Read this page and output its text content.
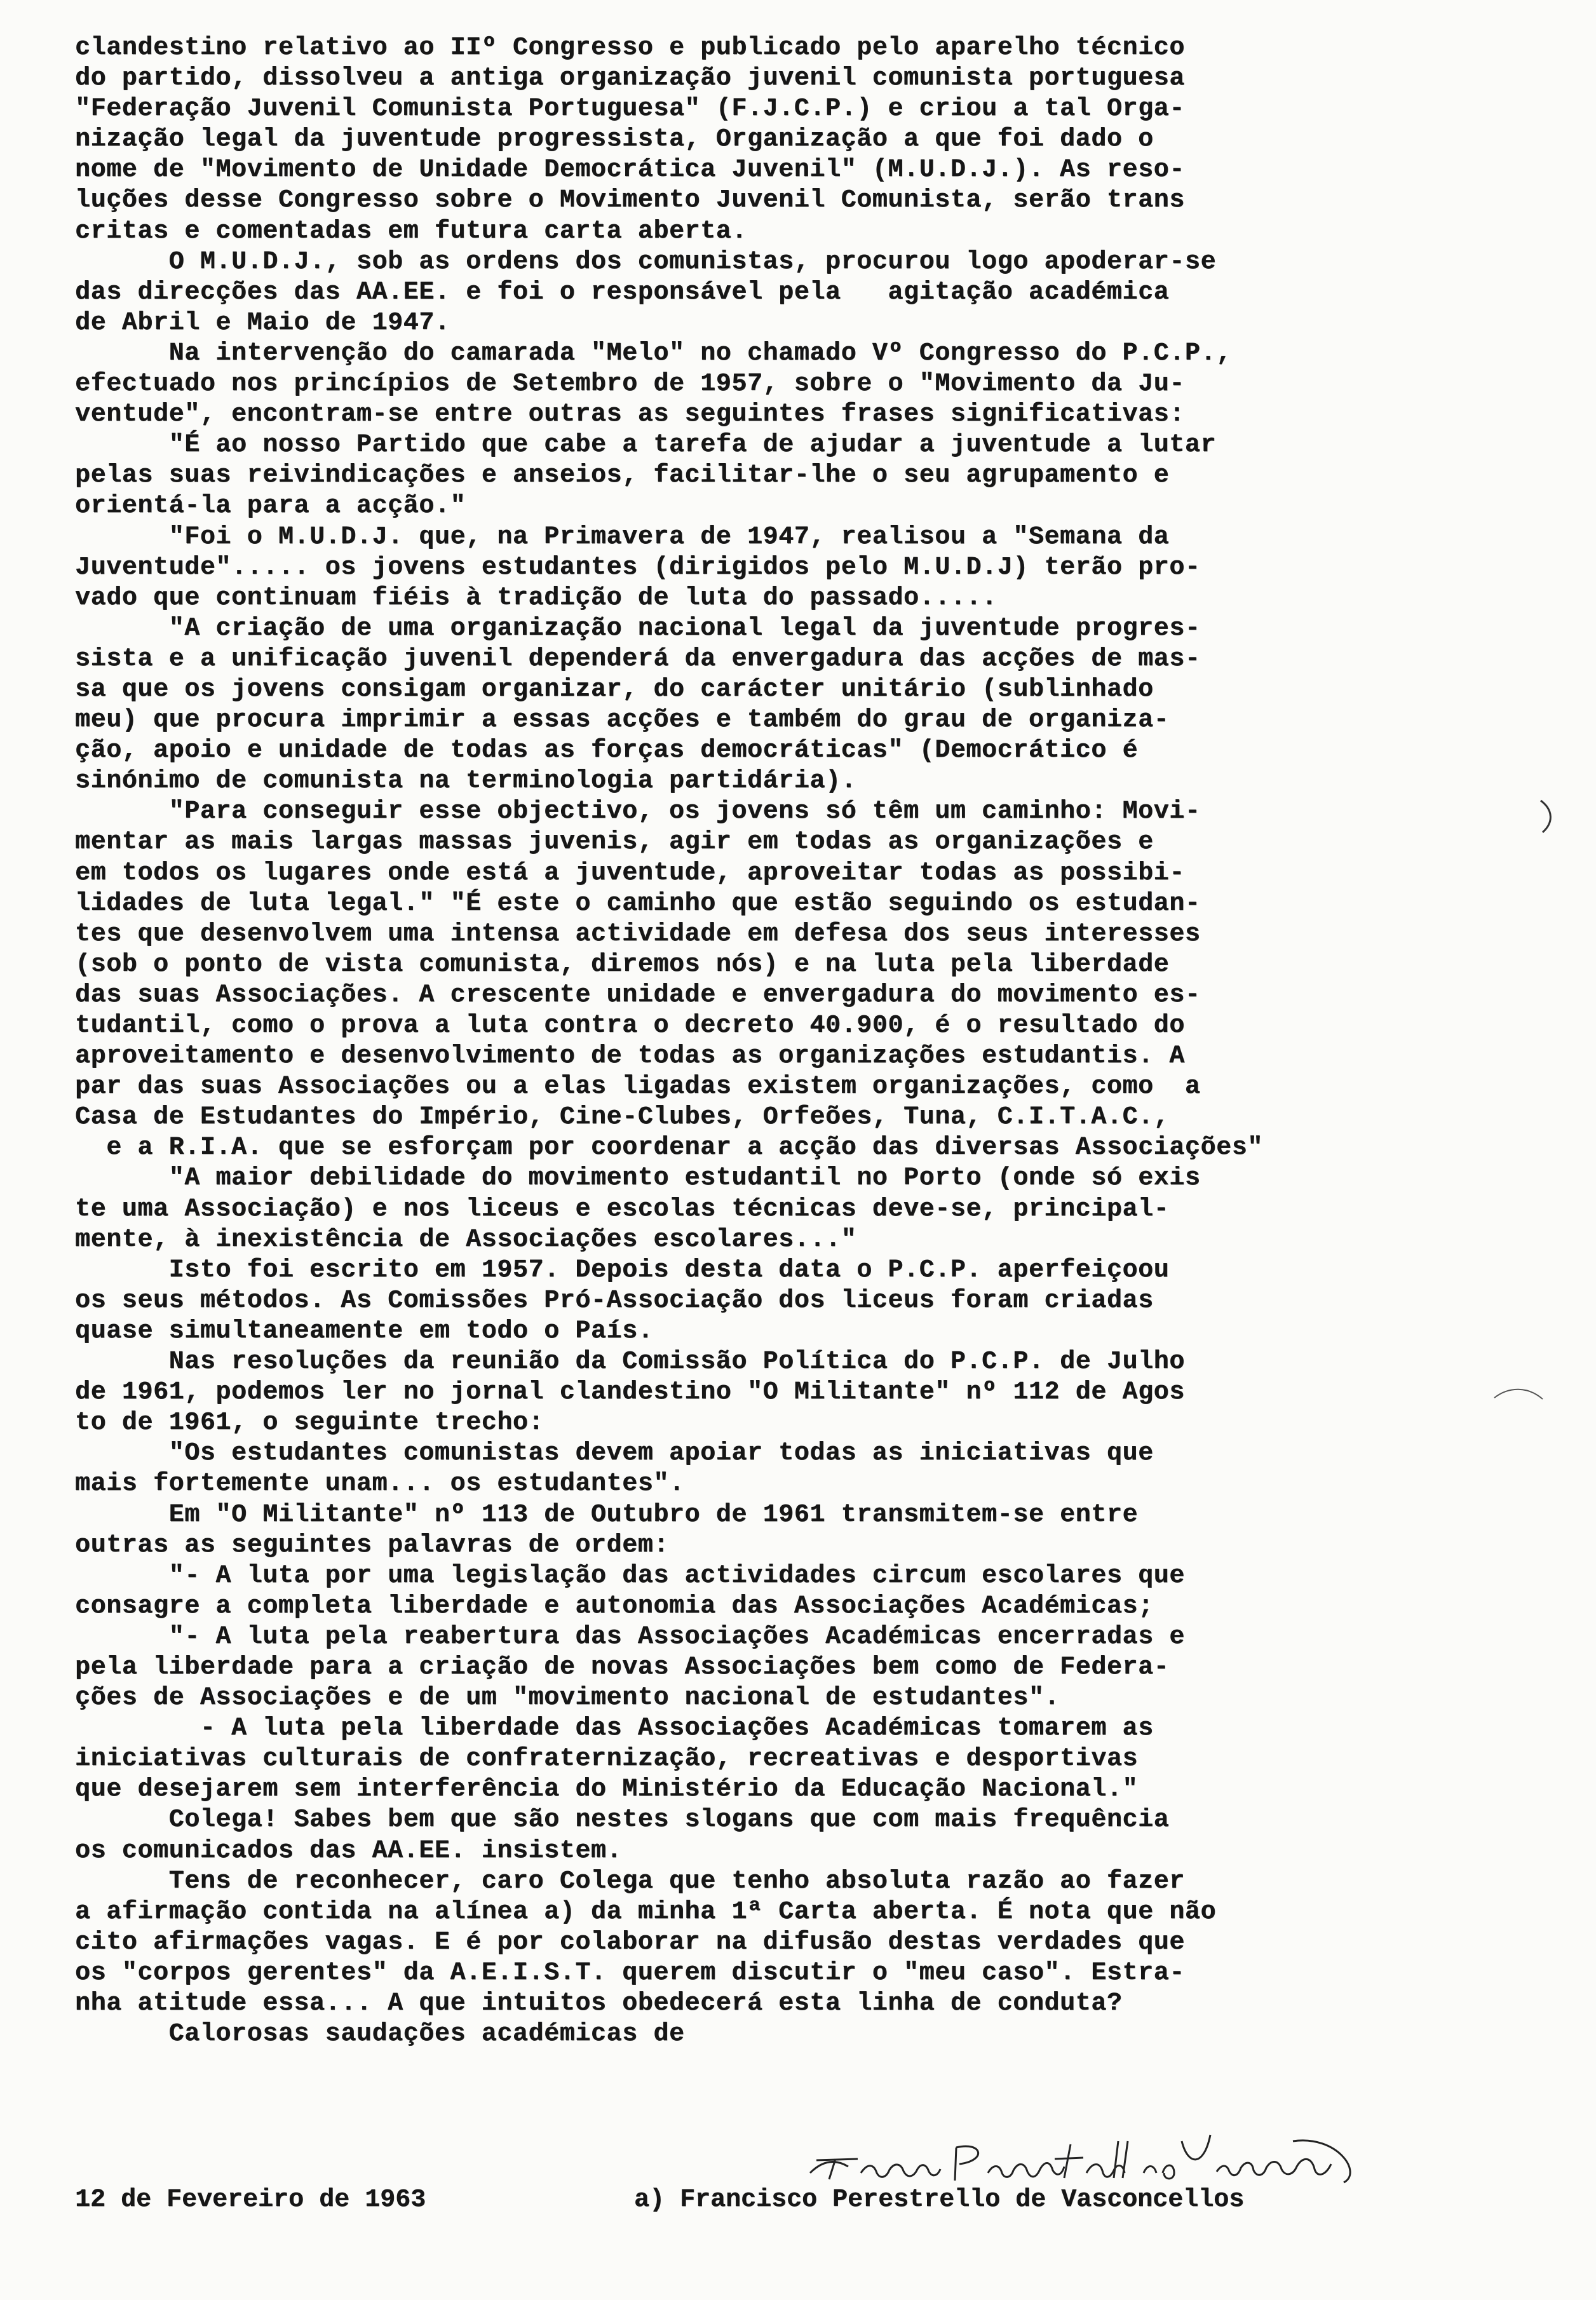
clandestino relativo ao IIº Congresso e publicado pelo aparelho técnico
do partido, dissolveu a antiga organização juvenil comunista portuguesa
"Federação Juvenil Comunista Portuguesa" (F.J.C.P.) e criou a tal Orga-
nização legal da juventude progressista, Organização a que foi dado o
nome de "Movimento de Unidade Democrática Juvenil" (M.U.D.J.). As reso-
luções desse Congresso sobre o Movimento Juvenil Comunista, serão trans
critas e comentadas em futura carta aberta.
O M.U.D.J., sob as ordens dos comunistas, procurou logo apoderar-se
das direcções das AA.EE. e foi o responsável pela   agitação académica
de Abril e Maio de 1947.
Na intervenção do camarada "Melo" no chamado Vº Congresso do P.C.P.,
efectuado nos princípios de Setembro de 1957, sobre o "Movimento da Ju-
ventude", encontram-se entre outras as seguintes frases significativas:
"É ao nosso Partido que cabe a tarefa de ajudar a juventude a lutar
pelas suas reivindicações e anseios, facilitar-lhe o seu agrupamento e
orientá-la para a acção."
"Foi o M.U.D.J. que, na Primavera de 1947, realisou a "Semana da
Juventude"..... os jovens estudantes (dirigidos pelo M.U.D.J) terão pro-
vado que continuam fiéis à tradição de luta do passado.....
"A criação de uma organização nacional legal da juventude progres-
sista e a unificação juvenil dependerá da envergadura das acções de mas-
sa que os jovens consigam organizar, do carácter unitário (sublinhado
meu) que procura imprimir a essas acções e também do grau de organiza-
ção, apoio e unidade de todas as forças democráticas" (Democrático é
sinónimo de comunista na terminologia partidária).
"Para conseguir esse objectivo, os jovens só têm um caminho: Movi-
mentar as mais largas massas juvenis, agir em todas as organizações e
em todos os lugares onde está a juventude, aproveitar todas as possibi-
lidades de luta legal." "É este o caminho que estão seguindo os estudan-
tes que desenvolvem uma intensa actividade em defesa dos seus interesses
(sob o ponto de vista comunista, diremos nós) e na luta pela liberdade
das suas Associações. A crescente unidade e envergadura do movimento es-
tudantil, como o prova a luta contra o decreto 40.900, é o resultado do
aproveitamento e desenvolvimento de todas as organizações estudantis. A
par das suas Associações ou a elas ligadas existem organizações, como  a
Casa de Estudantes do Império, Cine-Clubes, Orfeões, Tuna, C.I.T.A.C.,
e a R.I.A. que se esforçam por coordenar a acção das diversas Associações"
"A maior debilidade do movimento estudantil no Porto (onde só exis
te uma Associação) e nos liceus e escolas técnicas deve-se, principal-
mente, à inexistência de Associações escolares..."
Isto foi escrito em 1957. Depois desta data o P.C.P. aperfeiçoou
os seus métodos. As Comissões Pró-Associação dos liceus foram criadas
quase simultaneamente em todo o País.
Nas resoluções da reunião da Comissão Política do P.C.P. de Julho
de 1961, podemos ler no jornal clandestino "O Militante" nº 112 de Agos
to de 1961, o seguinte trecho:
"Os estudantes comunistas devem apoiar todas as iniciativas que
mais fortemente unam... os estudantes".
Em "O Militante" nº 113 de Outubro de 1961 transmitem-se entre
outras as seguintes palavras de ordem:
"- A luta por uma legislação das actividades circum escolares que
consagre a completa liberdade e autonomia das Associações Académicas;
"- A luta pela reabertura das Associações Académicas encerradas e
pela liberdade para a criação de novas Associações bem como de Federa-
ções de Associações e de um "movimento nacional de estudantes".
- A luta pela liberdade das Associações Académicas tomarem as
iniciativas culturais de confraternização, recreativas e desportivas
que desejarem sem interferência do Ministério da Educação Nacional."
Colega! Sabes bem que são nestes slogans que com mais frequência
os comunicados das AA.EE. insistem.
Tens de reconhecer, caro Colega que tenho absoluta razão ao fazer
a afirmação contida na alínea a) da minha 1ª Carta aberta. É nota que não
cito afirmações vagas. E é por colaborar na difusão destas verdades que
os "corpos gerentes" da A.E.I.S.T. querem discutir o "meu caso". Estra-
nha atitude essa... A que intuitos obedecerá esta linha de conduta?
Calorosas saudações académicas de

12 de Fevereiro de 1963

	a) Francisco Perestrello de Vasconcellos
